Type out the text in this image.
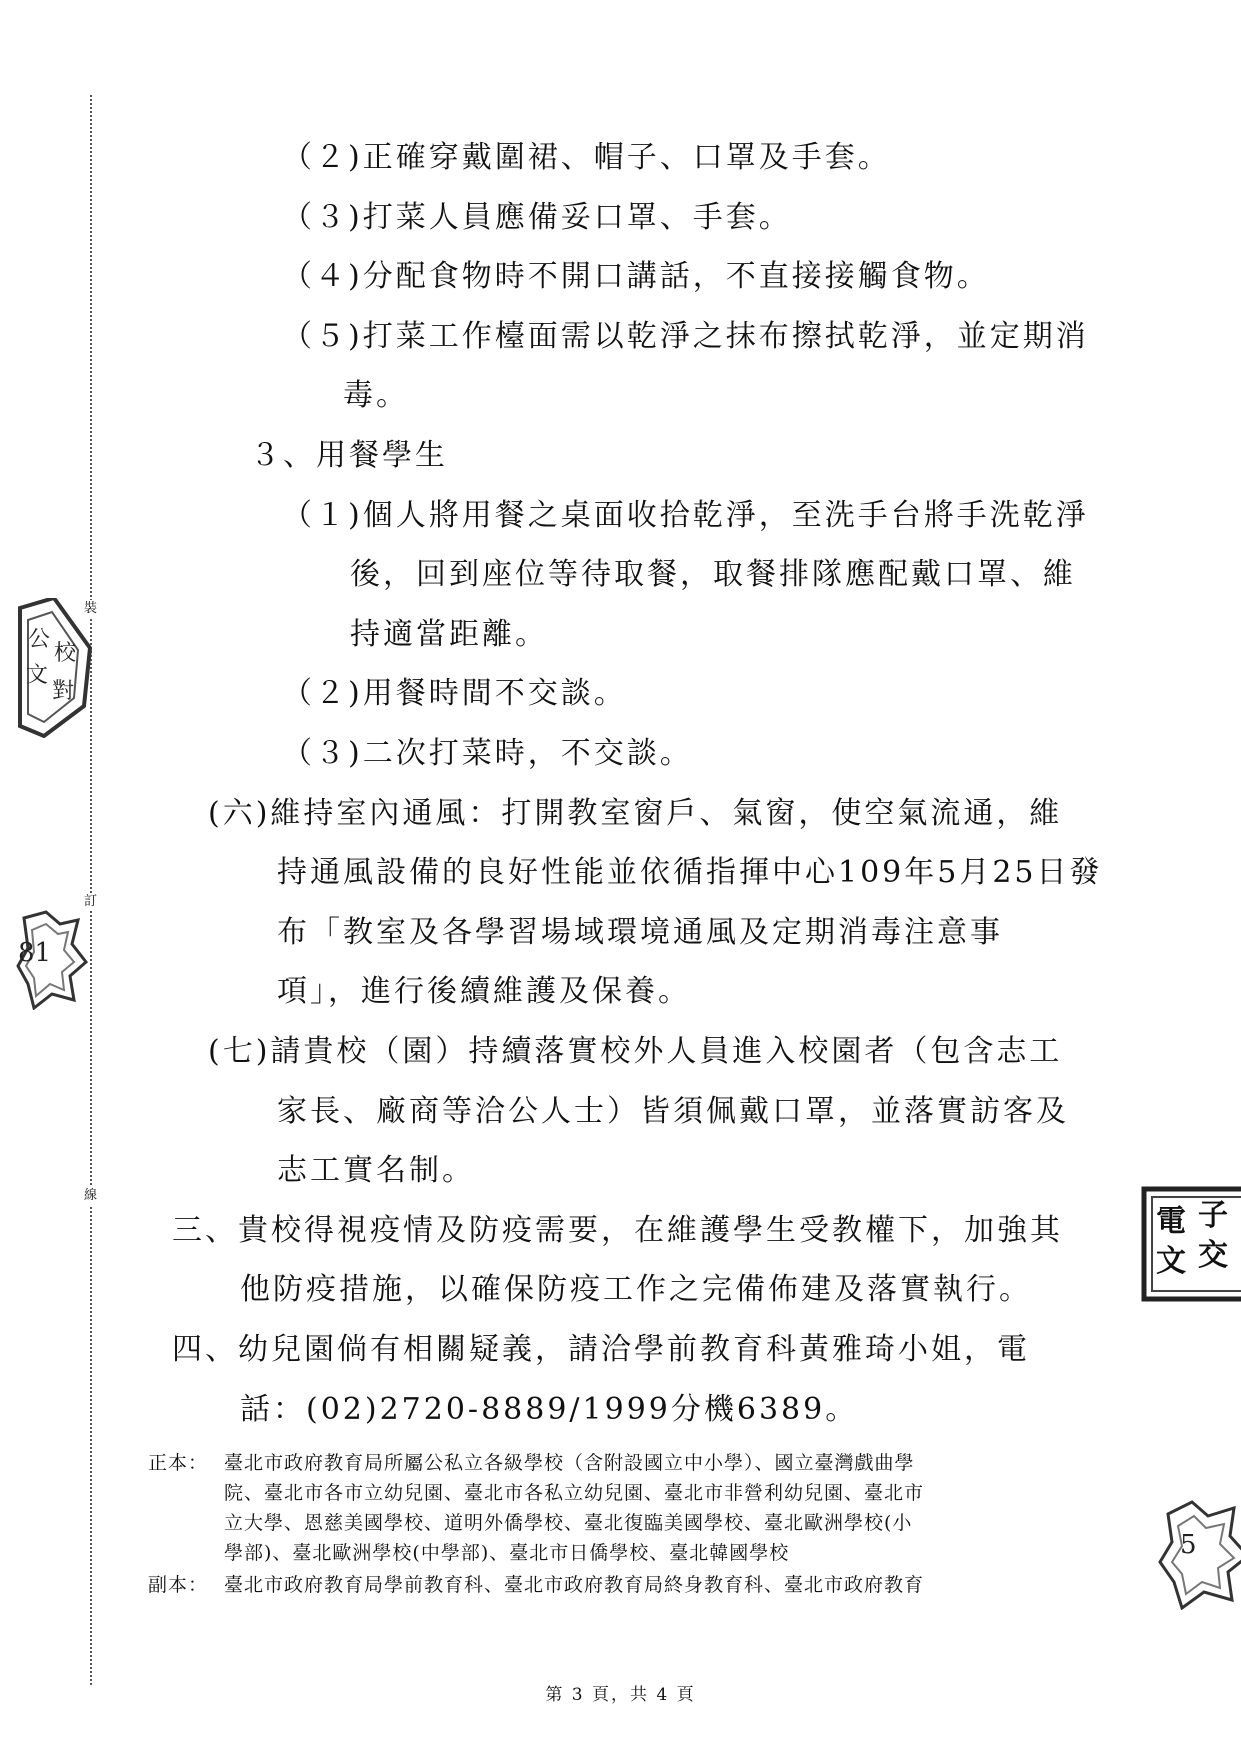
裝
訂
線
公
校
文
對
81
電 子
文 交
5
（２)正確穿戴圍裙、帽子、口罩及手套。
（３)打菜人員應備妥口罩、手套。
（４)分配食物時不開口講話，不直接接觸食物。
（５)打菜工作檯面需以乾淨之抹布擦拭乾淨，並定期消
毒。
３、用餐學生
（１)個人將用餐之桌面收拾乾淨，至洗手台將手洗乾淨
後，回到座位等待取餐，取餐排隊應配戴口罩、維
持適當距離。
（２)用餐時間不交談。
（３)二次打菜時，不交談。
(六)維持室內通風：打開教室窗戶、氣窗，使空氣流通，維
持通風設備的良好性能並依循指揮中心109年5月25日發
布「教室及各學習場域環境通風及定期消毒注意事
項」，進行後續維護及保養。
(七)請貴校（園）持續落實校外人員進入校園者（包含志工
家長、廠商等洽公人士）皆須佩戴口罩，並落實訪客及
志工實名制。
三、貴校得視疫情及防疫需要，在維護學生受教權下，加強其
他防疫措施，以確保防疫工作之完備佈建及落實執行。
四、幼兒園倘有相關疑義，請洽學前教育科黃雅琦小姐，電
話：(02)2720-8889/1999分機6389。
正本： 臺北市政府教育局所屬公私立各級學校（含附設國立中小學）、國立臺灣戲曲學
院、臺北市各市立幼兒園、臺北市各私立幼兒園、臺北市非營利幼兒園、臺北市
立大學、恩慈美國學校、道明外僑學校、臺北復臨美國學校、臺北歐洲學校(小
學部)、臺北歐洲學校(中學部)、臺北市日僑學校、臺北韓國學校
副本： 臺北市政府教育局學前教育科、臺北市政府教育局終身教育科、臺北市政府教育
第 3 頁，共 4 頁
